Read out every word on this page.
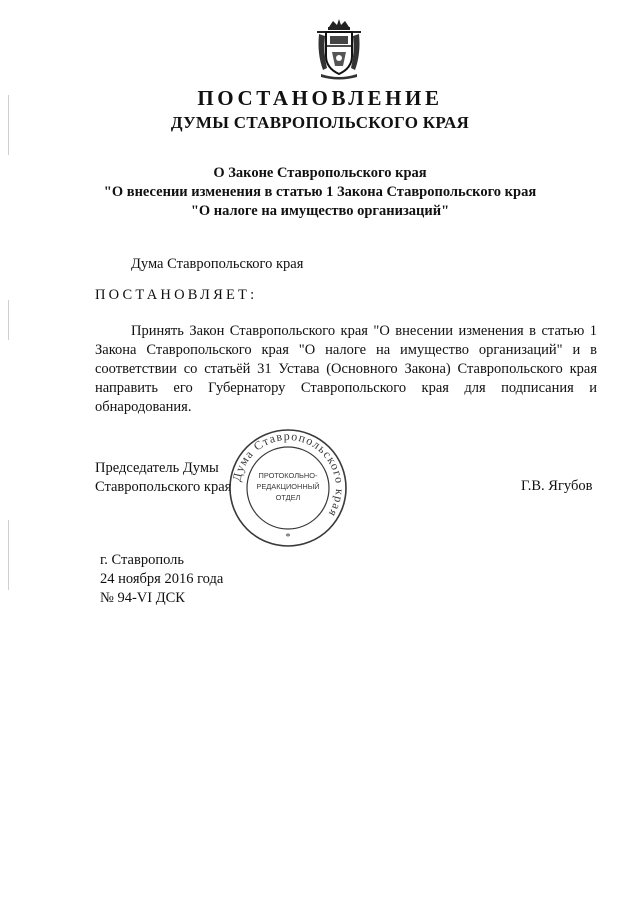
ПОСТАНОВЛЕНИЕ
ДУМЫ СТАВРОПОЛЬСКОГО КРАЯ
О Законе Ставропольского края
"О внесении изменения в статью 1 Закона Ставропольского края
"О налоге на имущество организаций"
Дума Ставропольского края
ПОСТАНОВЛЯЕТ:
Принять Закон Ставропольского края "О внесении изменения в статью 1 Закона Ставропольского края "О налоге на имущество организаций" и в соответствии со статьёй 31 Устава (Основного Закона) Ставропольского края направить его Губернатору Ставропольского края для подписания и обнародования.
Председатель Думы
Ставропольского края
Дума Ставропольского края
ПРОТОКОЛЬНО-
РЕДАКЦИОННЫЙ
ОТДЕЛ
*
Г.В. Ягубов
г. Ставрополь
24 ноября 2016 года
№ 94-VI ДСК
